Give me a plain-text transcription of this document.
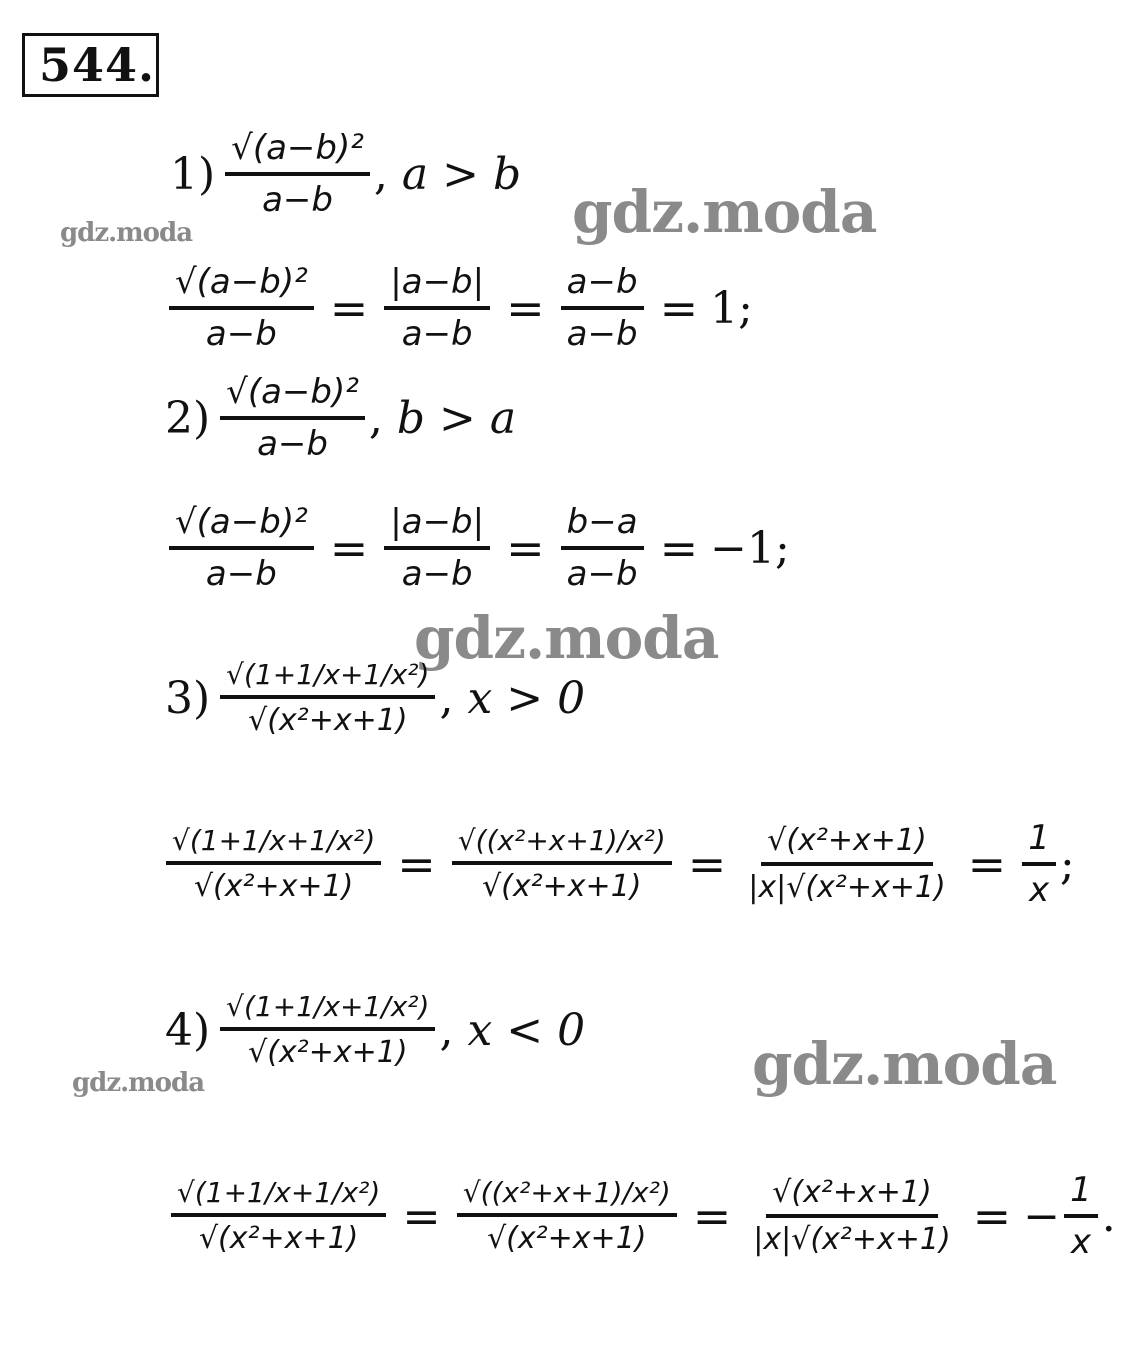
544.
gdz.moda	gdz.moda
gdz.moda
gdz.moda	gdz.moda
$1) \frac{\text{√(a−b)²}}{a-b}$ , a > b
$\frac{\text{√(a−b)²}}{a-b} = \frac{|a-b|}{a-b} = \frac{a-b}{a-b} = 1$;
$2) \frac{\text{√(a−b)²}}{a-b}$ , b > a
$\frac{\text{√(a−b)²}}{a-b} = \frac{|a-b|}{a-b} = \frac{b-a}{a-b} = -1$;
$3) \frac{\text{√(1+1/x+1/x²)}}{\text{√(x²+x+1)}}$ , x > 0
$\frac{\text{√(1+1/x+1/x²)}}{\text{√(x²+x+1)}} = \frac{\text{√((x²+x+1)/x²)}}{\text{√(x²+x+1)}} = \frac{\text{√(x²+x+1)}}{\text{|x|√(x²+x+1)}} = \frac{1}{x}$ ;
$4) \frac{\text{√(1+1/x+1/x²)}}{\text{√(x²+x+1)}}$ , x < 0
$\frac{\text{√(1+1/x+1/x²)}}{\text{√(x²+x+1)}} = \frac{\text{√((x²+x+1)/x²)}}{\text{√(x²+x+1)}} = \frac{\text{√(x²+x+1)}}{\text{|x|√(x²+x+1)}}$ = − $\frac{1}{x}$ .
